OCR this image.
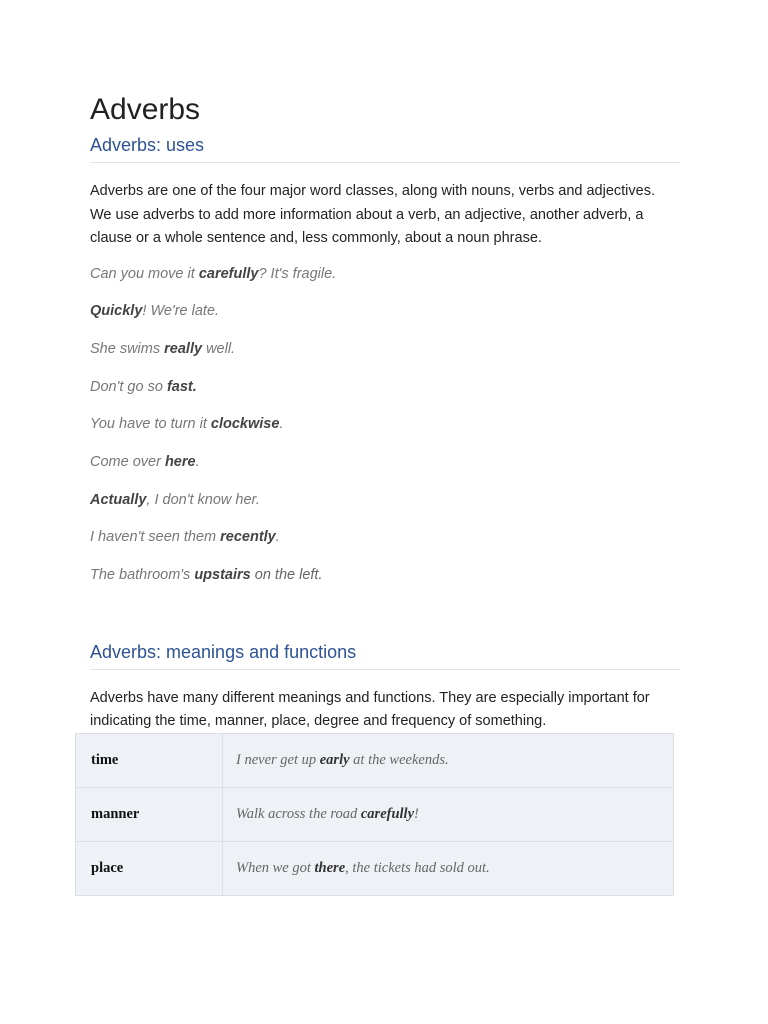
Adverbs
Adverbs: uses

Adverbs are one of the four major word classes, along with nouns, verbs and adjectives. We use adverbs to add more information about a verb, an adjective, another adverb, a clause or a whole sentence and, less commonly, about a noun phrase.

Can you move it carefully? It's fragile.
Quickly! We're late.
She swims really well.
Don't go so fast.
You have to turn it clockwise.
Come over here.
Actually, I don't know her.
I haven't seen them recently.
The bathroom's upstairs on the left.
Adverbs: meanings and functions

Adverbs have many different meanings and functions. They are especially important for indicating the time, manner, place, degree and frequency of something.

time	I never get up early at the weekends.
manner	Walk across the road carefully!
place	When we got there, the tickets had sold out.
